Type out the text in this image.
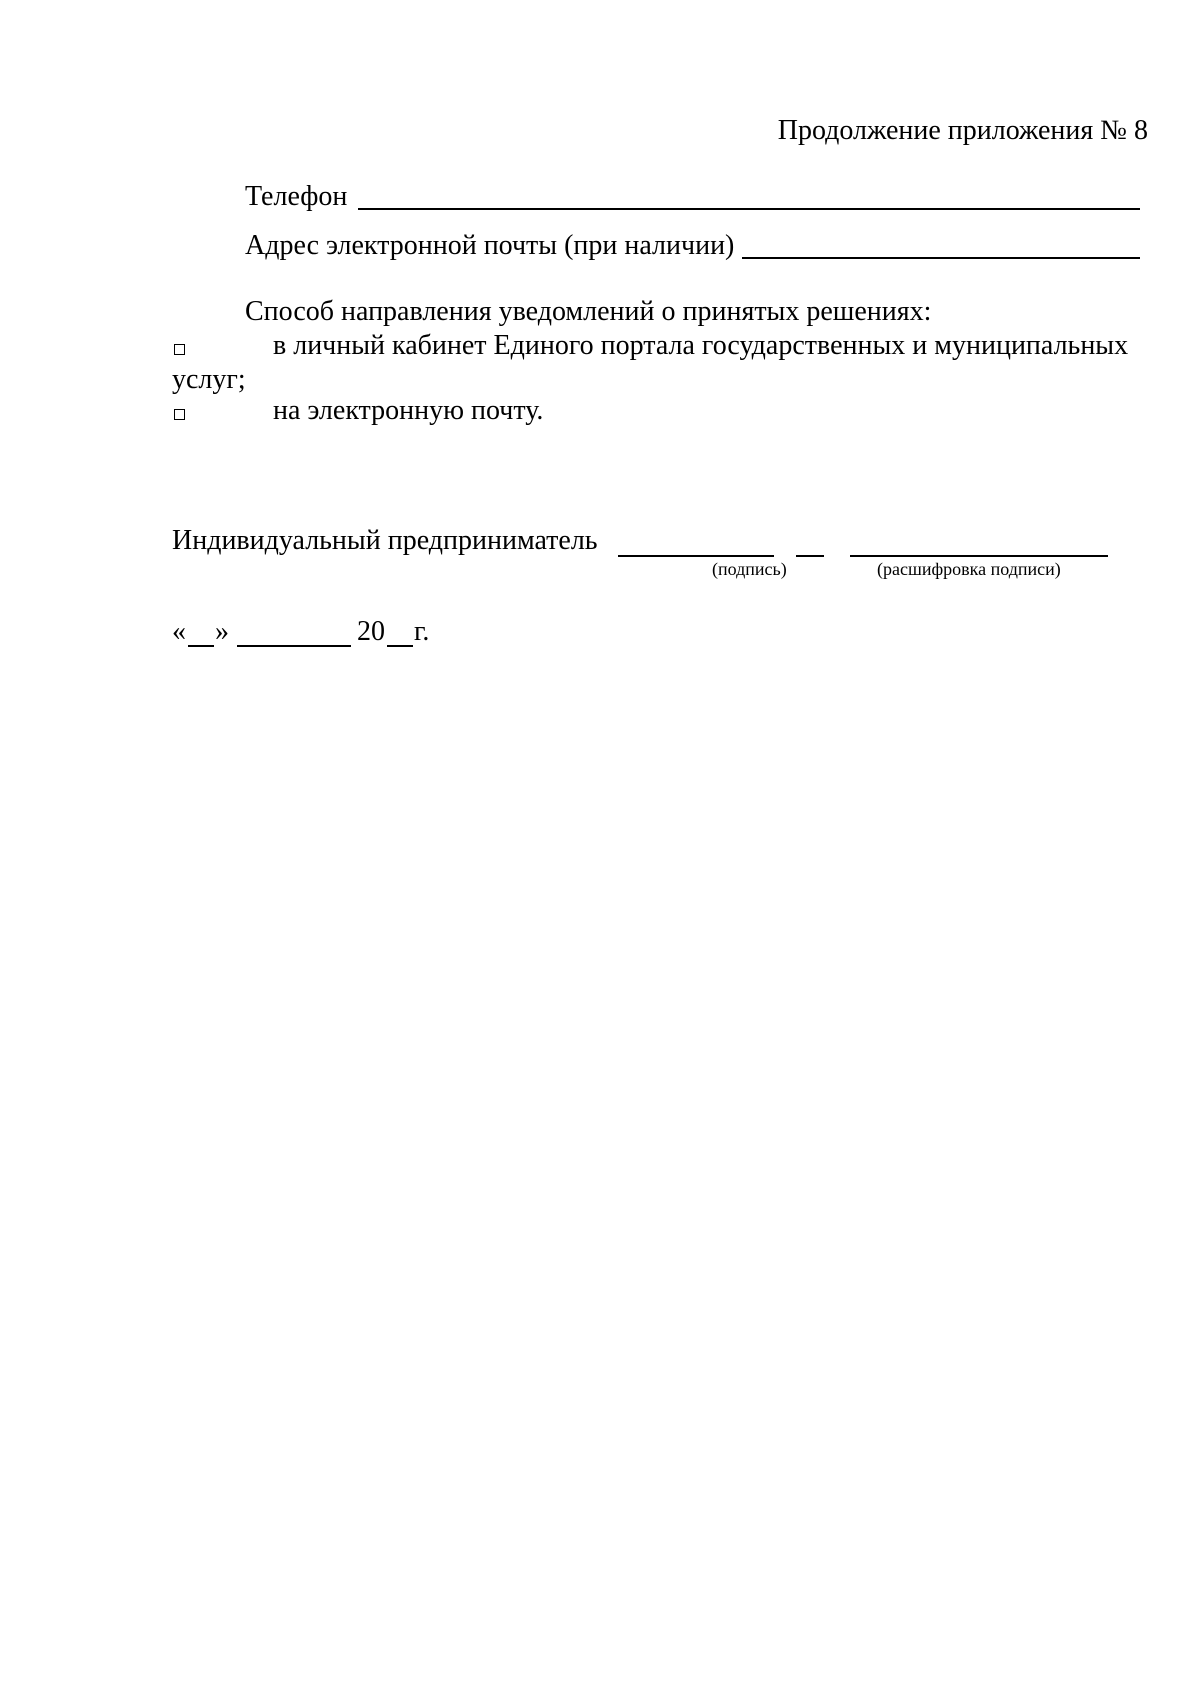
Продолжение приложения № 8
Телефон
Адрес электронной почты (при наличии)
Способ направления уведомлений о принятых решениях:
в личный кабинет Единого портала государственных и муниципальных
услуг;
на электронную почту.
Индивидуальный предприниматель
(подпись)	(расшифровка подписи)
« »	20 г.
